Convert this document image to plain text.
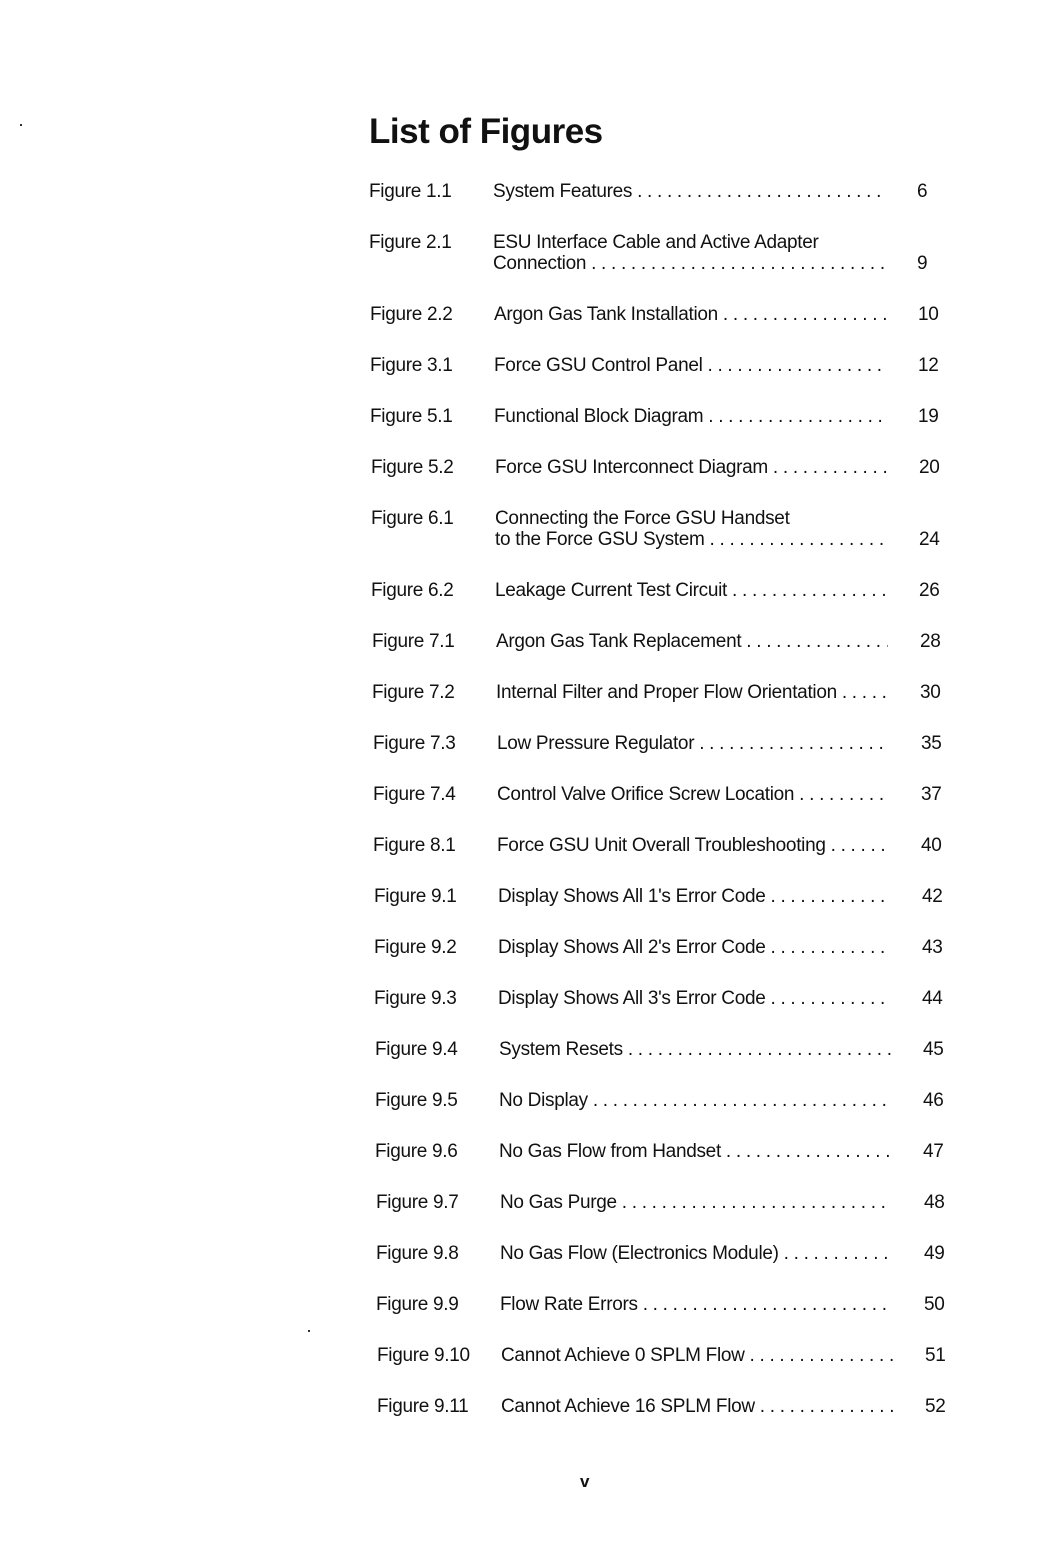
List of Figures
Figure 1.1 System Features . . .	6
Figure 2.1 ESU Interface Cable and Active Adapter
Connection . . .	9
Figure 2.2 Argon Gas Tank Installation . . .	10
Figure 3.1 Force GSU Control Panel . . .	12
Figure 5.1 Functional Block Diagram . . .	19
Figure 5.2 Force GSU Interconnect Diagram . . .	20
Figure 6.1 Connecting the Force GSU Handset
to the Force GSU System . . .	24
Figure 6.2 Leakage Current Test Circuit . . .	26
Figure 7.1 Argon Gas Tank Replacement . . .	28
Figure 7.2 Internal Filter and Proper Flow Orientation . . .	30
Figure 7.3 Low Pressure Regulator . . .	35
Figure 7.4 Control Valve Orifice Screw Location . . .	37
Figure 8.1 Force GSU Unit Overall Troubleshooting . . .	40
Figure 9.1 Display Shows All 1's Error Code . . .	42
Figure 9.2 Display Shows All 2's Error Code . . .	43
Figure 9.3 Display Shows All 3's Error Code . . .	44
Figure 9.4 System Resets . . .	45
Figure 9.5 No Display . . .	46
Figure 9.6 No Gas Flow from Handset . . .	47
Figure 9.7 No Gas Purge . . .	48
Figure 9.8 No Gas Flow (Electronics Module) . . .	49
Figure 9.9 Flow Rate Errors . . .	50
Figure 9.10 Cannot Achieve 0 SPLM Flow . . .	51
Figure 9.11 Cannot Achieve 16 SPLM Flow . . .	52
v
